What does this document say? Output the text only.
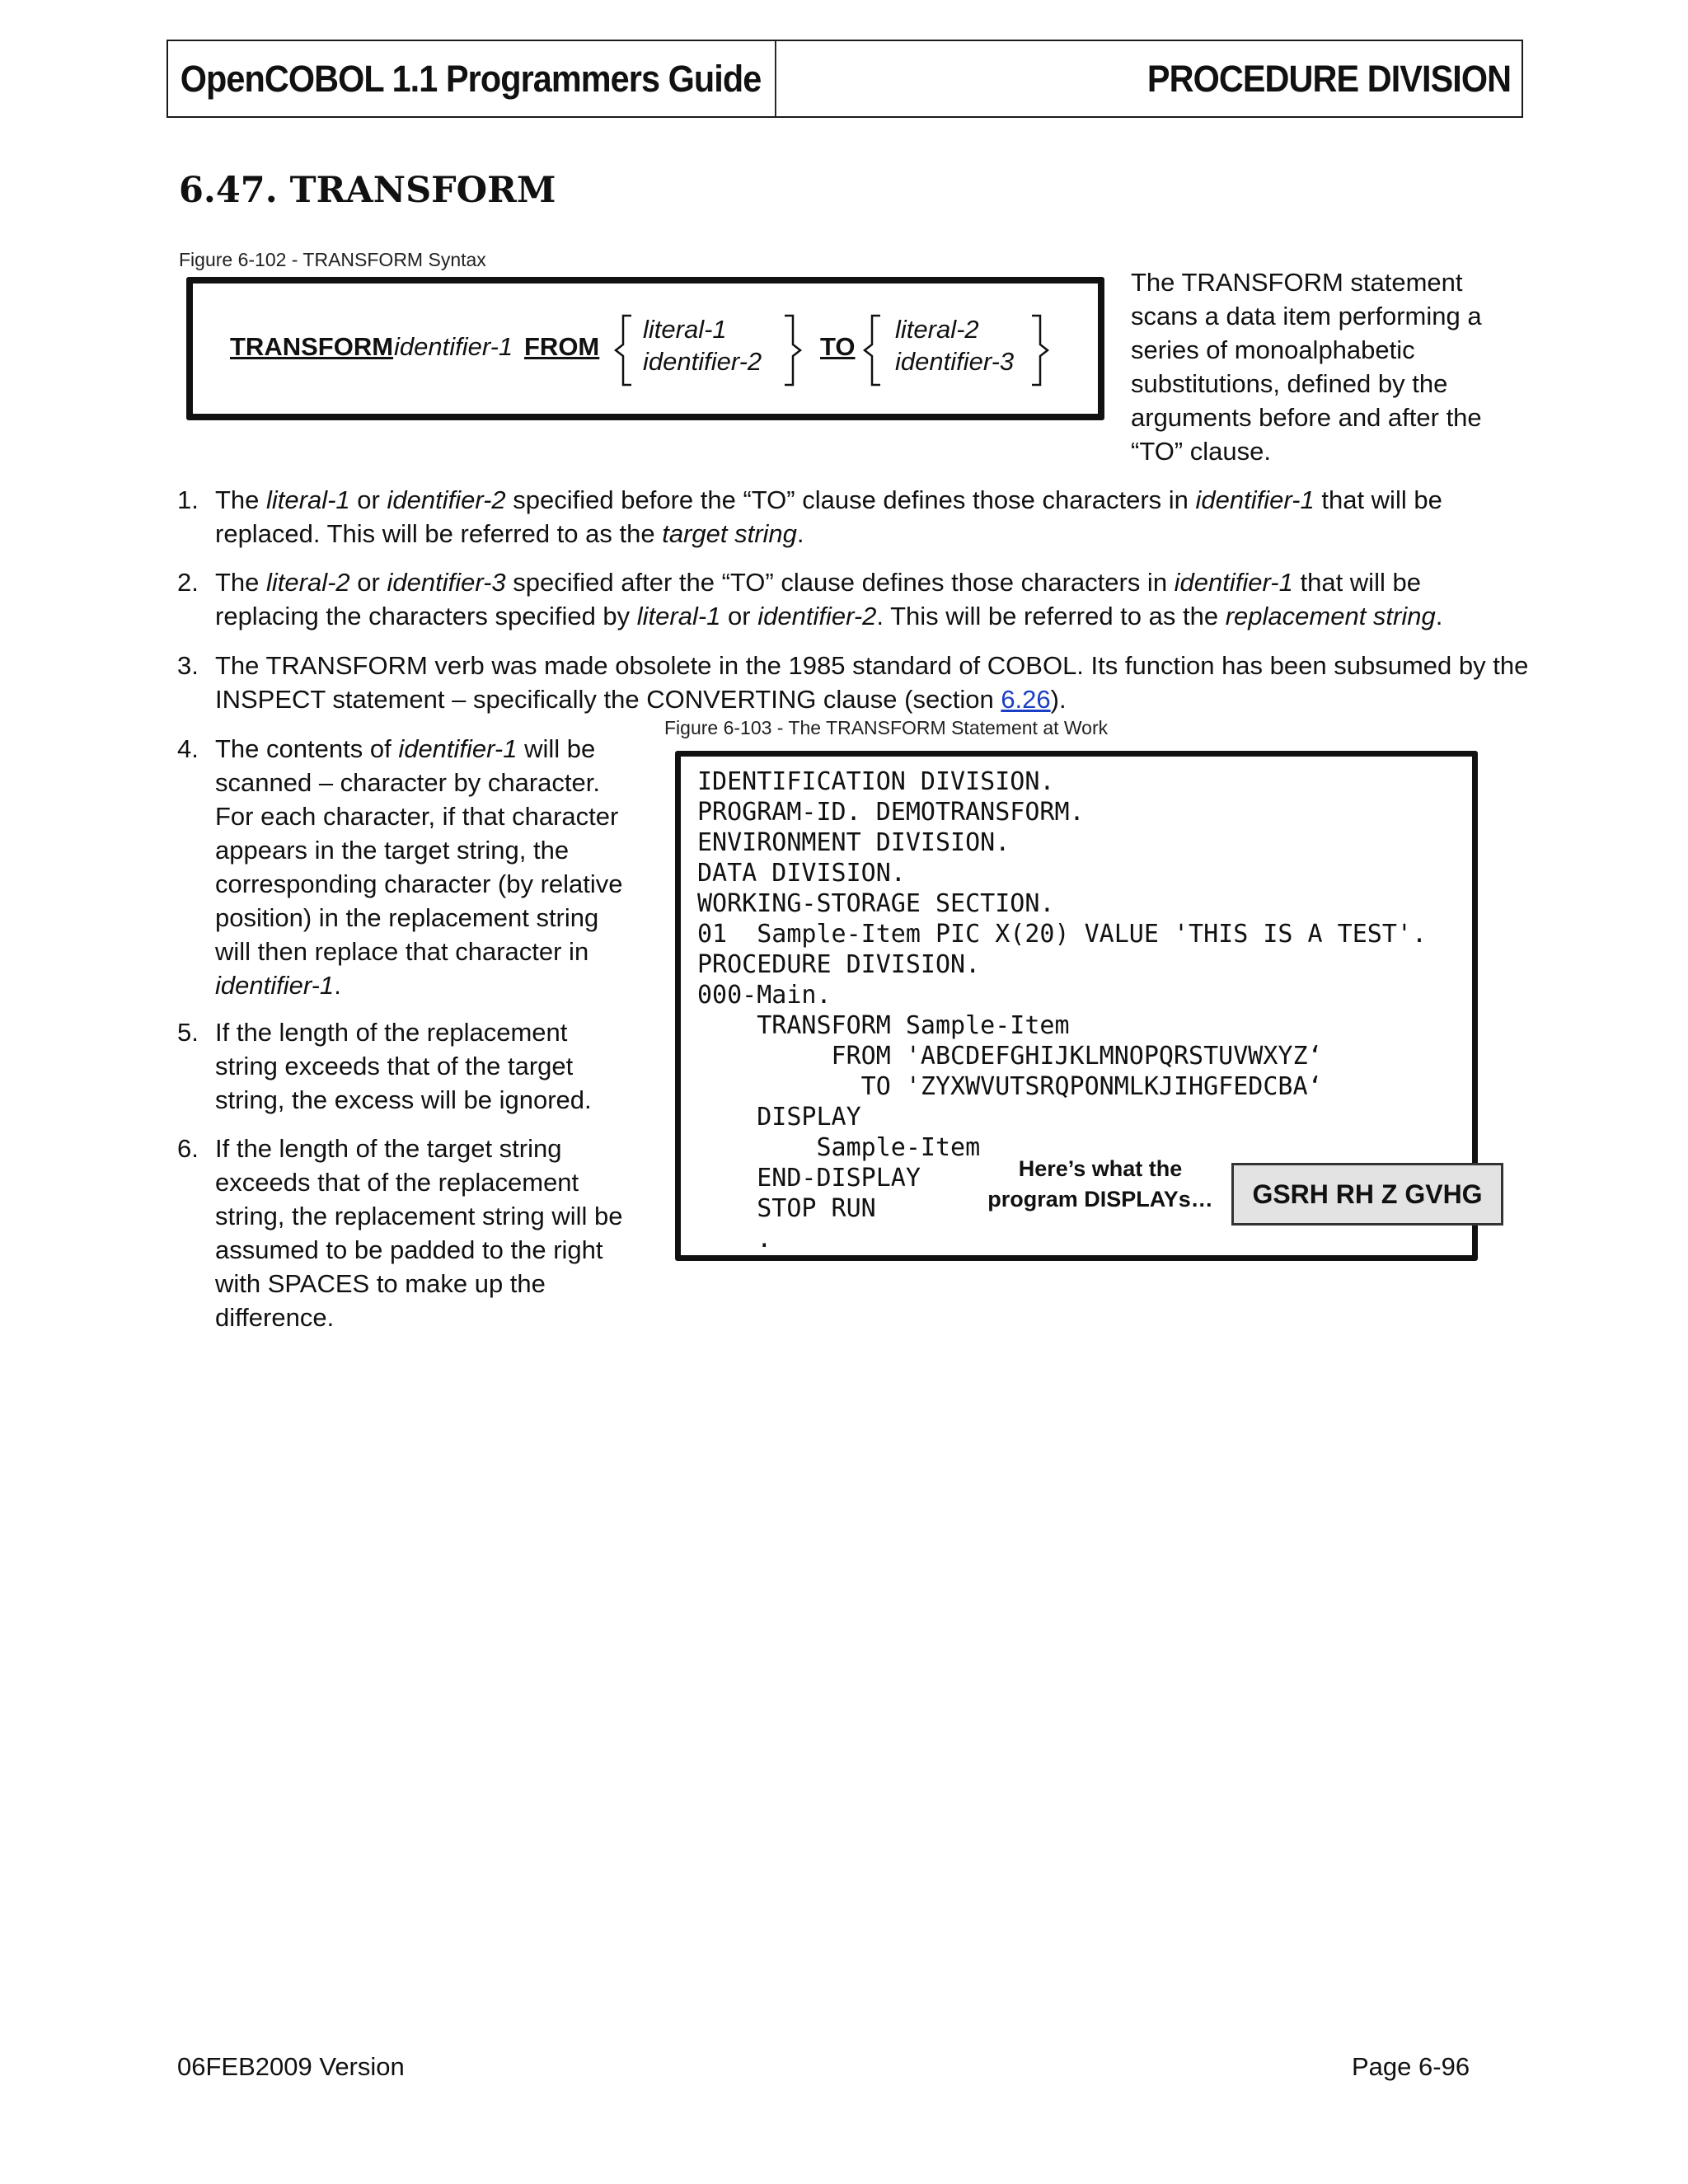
OpenCOBOL 1.1 Programmers Guide	PROCEDURE DIVISION
6.47. TRANSFORM
Figure 6-102 - TRANSFORM Syntax
TRANSFORM identifier-1 FROM
literal-1
identifier-2
TO
literal-2
identifier-3
The TRANSFORM statement
scans a data item performing a
series of monoalphabetic
substitutions, defined by the
arguments before and after the
“TO” clause.
1. The literal-1 or identifier-2 specified before the “TO” clause defines those characters in identifier-1 that will be
replaced. This will be referred to as the target string.
2. The literal-2 or identifier-3 specified after the “TO” clause defines those characters in identifier-1 that will be
replacing the characters specified by literal-1 or identifier-2. This will be referred to as the replacement string.
3. The TRANSFORM verb was made obsolete in the 1985 standard of COBOL. Its function has been subsumed by the
INSPECT statement – specifically the CONVERTING clause (section 6.26).
4. The contents of identifier-1 will be
scanned – character by character.
For each character, if that character
appears in the target string, the
corresponding character (by relative
position) in the replacement string
will then replace that character in
identifier-1.
5. If the length of the replacement
string exceeds that of the target
string, the excess will be ignored.
6. If the length of the target string
exceeds that of the replacement
string, the replacement string will be
assumed to be padded to the right
with SPACES to make up the
difference.
Figure 6-103 - The TRANSFORM Statement at Work
IDENTIFICATION DIVISION.
PROGRAM-ID. DEMOTRANSFORM.
ENVIRONMENT DIVISION.
DATA DIVISION.
WORKING-STORAGE SECTION.
01  Sample-Item PIC X(20) VALUE 'THIS IS A TEST'.
PROCEDURE DIVISION.
000-Main.
TRANSFORM Sample-Item
FROM 'ABCDEFGHIJKLMNOPQRSTUVWXYZ‘
TO 'ZYXWVUTSRQPONMLKJIHGFEDCBA‘
DISPLAY
Sample-Item
END-DISPLAY
STOP RUN
.
Here’s what the
program DISPLAYs…	GSRH RH Z GVHG
06FEB2009 Version	Page 6-96
